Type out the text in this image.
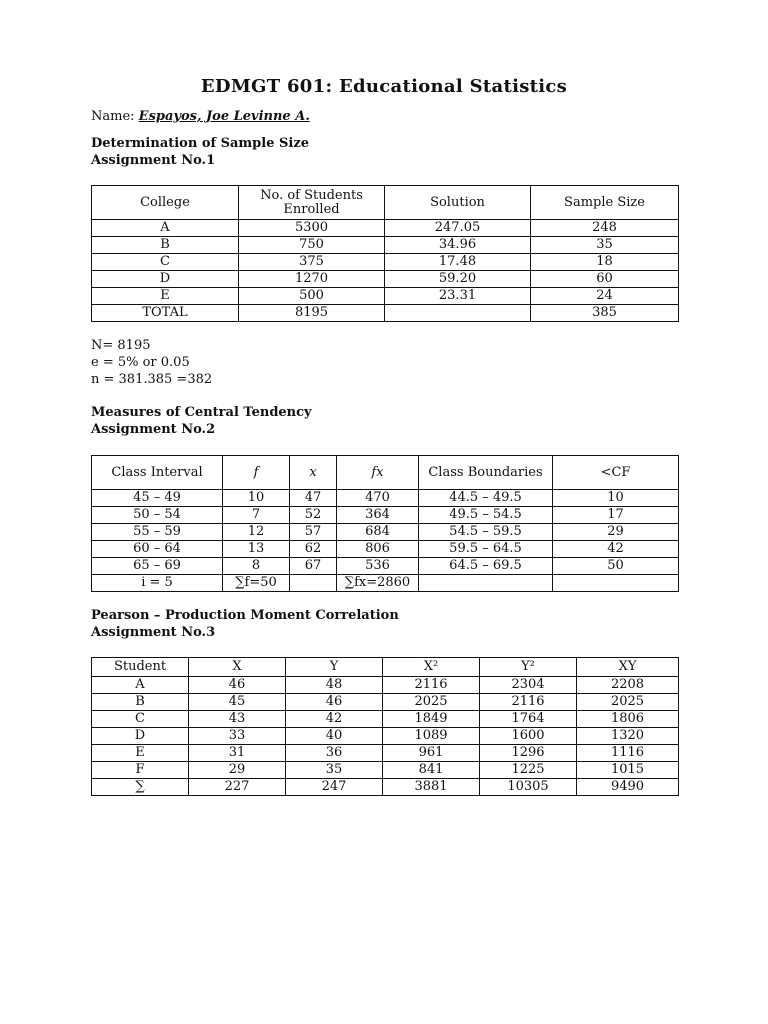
EDMGT 601: Educational Statistics
Name: Espayos, Joe Levinne A.
Determination of Sample Size
Assignment No.1
College	No. of Students Enrolled	Solution	Sample Size
A	5300	247.05	248
B	750	34.96	35
C	375	17.48	18
D	1270	59.20	60
E	500	23.31	24
TOTAL	8195		385
N= 8195
e = 5% or 0.05
n = 381.385 =382
Measures of Central Tendency
Assignment No.2
Class Interval	f	x	fx	Class Boundaries	<CF
45 – 49	10	47	470	44.5 – 49.5	10
50 – 54	7	52	364	49.5 – 54.5	17
55 – 59	12	57	684	54.5 – 59.5	29
60 – 64	13	62	806	59.5 – 64.5	42
65 – 69	8	67	536	64.5 – 69.5	50
i = 5	∑f=50		∑fx=2860		
Pearson – Production Moment Correlation
Assignment No.3
Student	X	Y	X²	Y²	XY
A	46	48	2116	2304	2208
B	45	46	2025	2116	2025
C	43	42	1849	1764	1806
D	33	40	1089	1600	1320
E	31	36	961	1296	1116
F	29	35	841	1225	1015
∑	227	247	3881	10305	9490
